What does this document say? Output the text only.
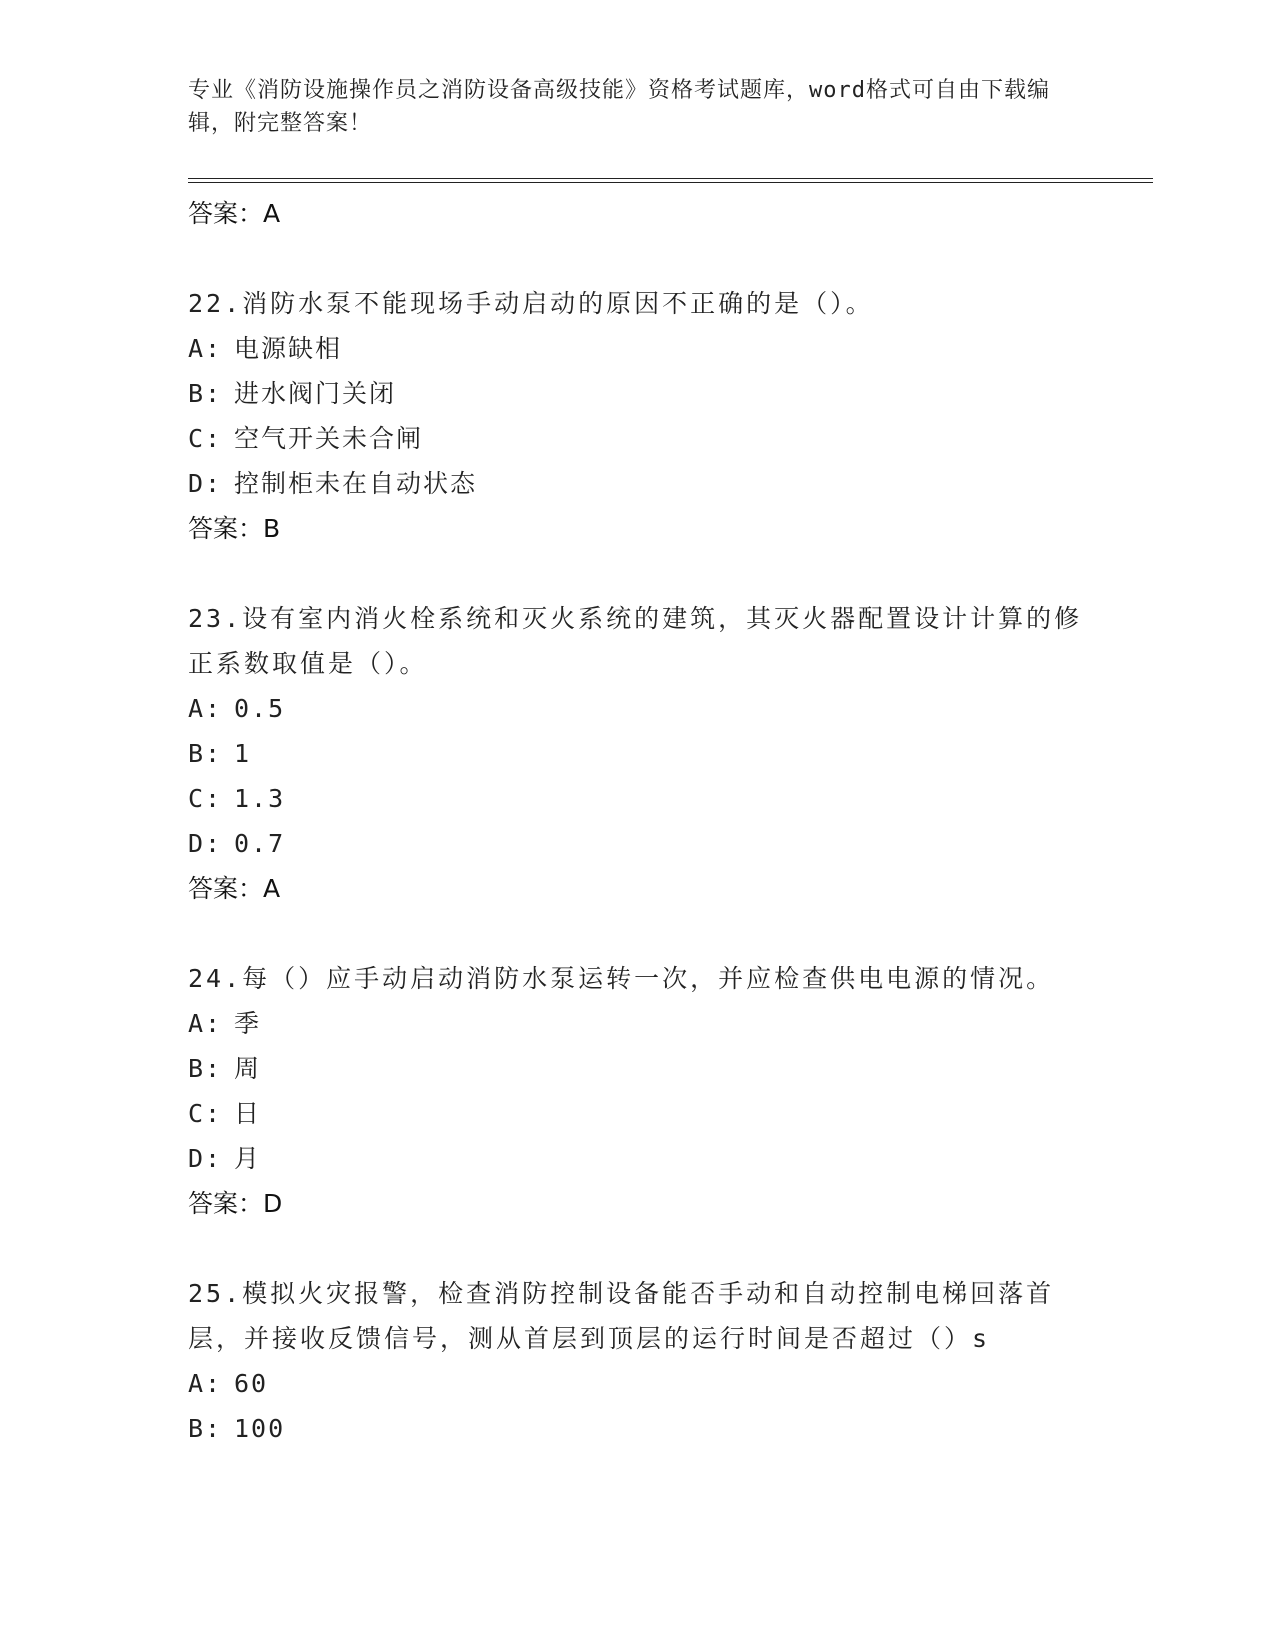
专业《消防设施操作员之消防设备高级技能》资格考试题库，word格式可自由下载编辑，附完整答案！
答案：A
22.消防水泵不能现场手动启动的原因不正确的是（）。
A: 电源缺相
B: 进水阀门关闭
C: 空气开关未合闸
D: 控制柜未在自动状态
答案：B
23.设有室内消火栓系统和灭火系统的建筑，其灭火器配置设计计算的修正系数取值是（）。
A: 0.5
B: 1
C: 1.3
D: 0.7
答案：A
24.每（）应手动启动消防水泵运转一次，并应检查供电电源的情况。
A: 季
B: 周
C: 日
D: 月
答案：D
25.模拟火灾报警，检查消防控制设备能否手动和自动控制电梯回落首层，并接收反馈信号，测从首层到顶层的运行时间是否超过（）s
A: 60
B: 100
